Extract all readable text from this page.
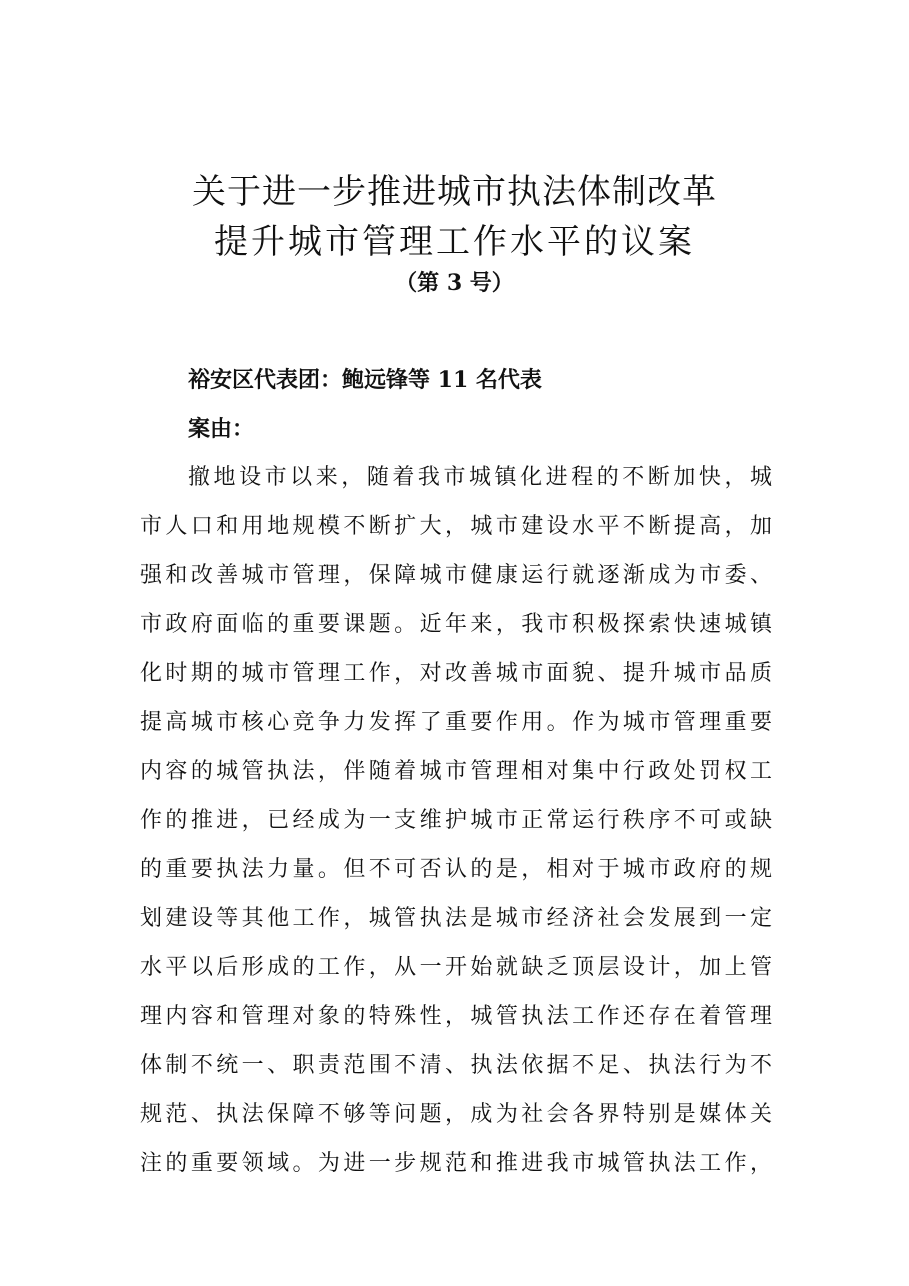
关于进一步推进城市执法体制改革
提升城市管理工作水平的议案
（第 3 号）
裕安区代表团：鲍远锋等 11 名代表
案由：
撤地设市以来，随着我市城镇化进程的不断加快，城
市人口和用地规模不断扩大，城市建设水平不断提高，加
强和改善城市管理，保障城市健康运行就逐渐成为市委、
市政府面临的重要课题。近年来，我市积极探索快速城镇
化时期的城市管理工作，对改善城市面貌、提升城市品质
提高城市核心竞争力发挥了重要作用。作为城市管理重要
内容的城管执法，伴随着城市管理相对集中行政处罚权工
作的推进，已经成为一支维护城市正常运行秩序不可或缺
的重要执法力量。但不可否认的是，相对于城市政府的规
划建设等其他工作，城管执法是城市经济社会发展到一定
水平以后形成的工作，从一开始就缺乏顶层设计，加上管
理内容和管理对象的特殊性，城管执法工作还存在着管理
体制不统一、职责范围不清、执法依据不足、执法行为不
规范、执法保障不够等问题，成为社会各界特别是媒体关
注的重要领域。为进一步规范和推进我市城管执法工作，
